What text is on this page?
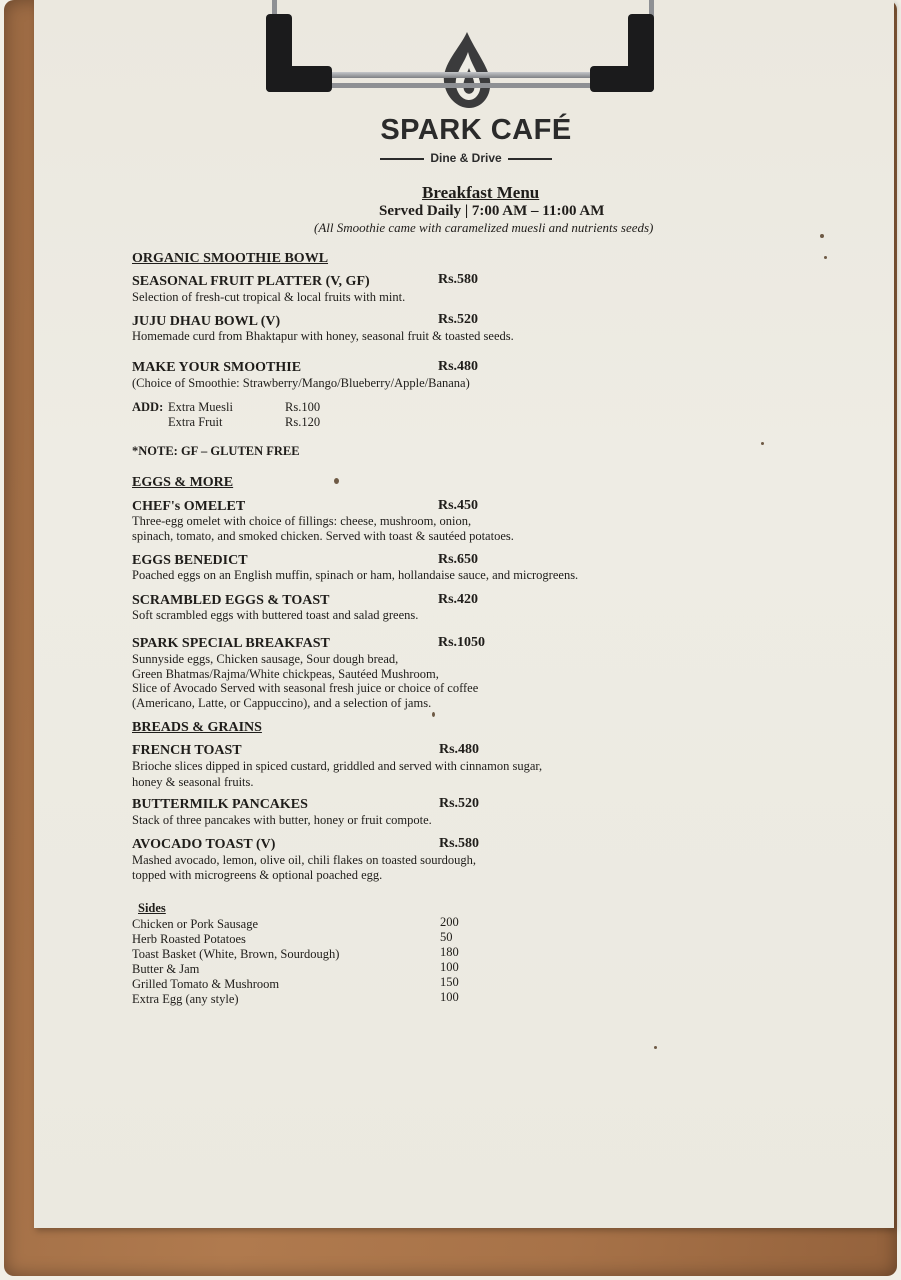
SPARK CAFÉ
Dine & Drive
Breakfast Menu
Served Daily | 7:00 AM – 11:00 AM
(All Smoothie came with caramelized muesli and nutrients seeds)
ORGANIC SMOOTHIE BOWL
SEASONAL FRUIT PLATTER (V, GF)	Rs.580
Selection of fresh-cut tropical & local fruits with mint.
JUJU DHAU BOWL (V)	Rs.520
Homemade curd from Bhaktapur with honey, seasonal fruit & toasted seeds.
MAKE YOUR SMOOTHIE	Rs.480
(Choice of Smoothie: Strawberry/Mango/Blueberry/Apple/Banana)
ADD: Extra Muesli	Rs.100
Extra Fruit	Rs.120
*NOTE: GF – GLUTEN FREE
EGGS & MORE
CHEF's OMELET	Rs.450
Three-egg omelet with choice of fillings: cheese, mushroom, onion,
spinach, tomato, and smoked chicken. Served with toast & sautéed potatoes.
EGGS BENEDICT	Rs.650
Poached eggs on an English muffin, spinach or ham, hollandaise sauce, and microgreens.
SCRAMBLED EGGS & TOAST	Rs.420
Soft scrambled eggs with buttered toast and salad greens.
SPARK SPECIAL BREAKFAST	Rs.1050
Sunnyside eggs, Chicken sausage, Sour dough bread,
Green Bhatmas/Rajma/White chickpeas, Sautéed Mushroom,
Slice of Avocado Served with seasonal fresh juice or choice of coffee
(Americano, Latte, or Cappuccino), and a selection of jams.
BREADS & GRAINS
FRENCH TOAST	Rs.480
Brioche slices dipped in spiced custard, griddled and served with cinnamon sugar,
honey & seasonal fruits.
BUTTERMILK PANCAKES	Rs.520
Stack of three pancakes with butter, honey or fruit compote.
AVOCADO TOAST (V)	Rs.580
Mashed avocado, lemon, olive oil, chili flakes on toasted sourdough,
topped with microgreens & optional poached egg.
Sides
Chicken or Pork Sausage	200
Herb Roasted Potatoes	50
Toast Basket (White, Brown, Sourdough)	180
Butter & Jam	100
Grilled Tomato & Mushroom	150
Extra Egg (any style)	100
